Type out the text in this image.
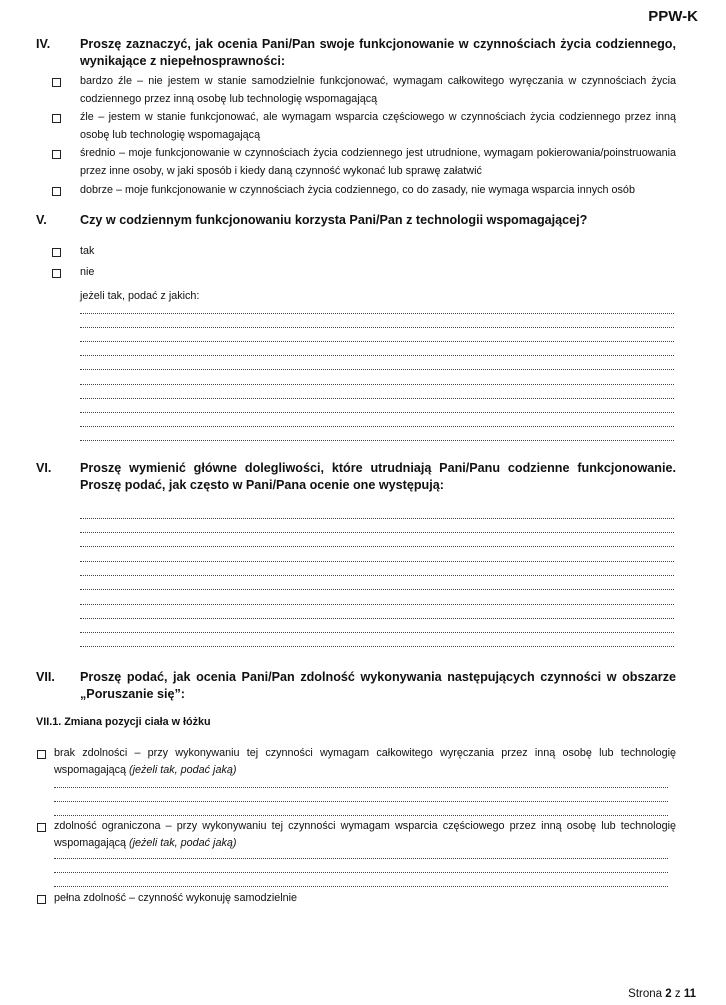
PPW-K
IV. Proszę zaznaczyć, jak ocenia Pani/Pan swoje funkcjonowanie w czynnościach życia codziennego, wynikające z niepełnosprawności:
bardzo źle – nie jestem w stanie samodzielnie funkcjonować, wymagam całkowitego wyręczania w czynnościach życia codziennego przez inną osobę lub technologię wspomagającą
źle – jestem w stanie funkcjonować, ale wymagam wsparcia częściowego w czynnościach życia codziennego przez inną osobę lub technologię wspomagającą
średnio – moje funkcjonowanie w czynnościach życia codziennego jest utrudnione, wymagam pokierowania/poinstruowania przez inne osoby, w jaki sposób i kiedy daną czynność wykonać lub sprawę załatwić
dobrze – moje funkcjonowanie w czynnościach życia codziennego, co do zasady, nie wymaga wsparcia innych osób
V.	Czy w codziennym funkcjonowaniu korzysta Pani/Pan z technologii wspomagającej?
tak
nie
jeżeli tak, podać z jakich:
VI. Proszę wymienić główne dolegliwości, które utrudniają Pani/Panu codzienne funkcjonowanie. Proszę podać, jak często w Pani/Pana ocenie one występują:
VII. Proszę podać, jak ocenia Pani/Pan zdolność wykonywania następujących czynności w obszarze „Poruszanie się”:
VII.1. Zmiana pozycji ciała w łóżku
brak zdolności – przy wykonywaniu tej czynności wymagam całkowitego wyręczania przez inną osobę lub technologię wspomagającą (jeżeli tak, podać jaką)
zdolność ograniczona – przy wykonywaniu tej czynności wymagam wsparcia częściowego przez inną osobę lub technologię wspomagającą (jeżeli tak, podać jaką)
pełna zdolność – czynność wykonuję samodzielnie
Strona 2 z 11
